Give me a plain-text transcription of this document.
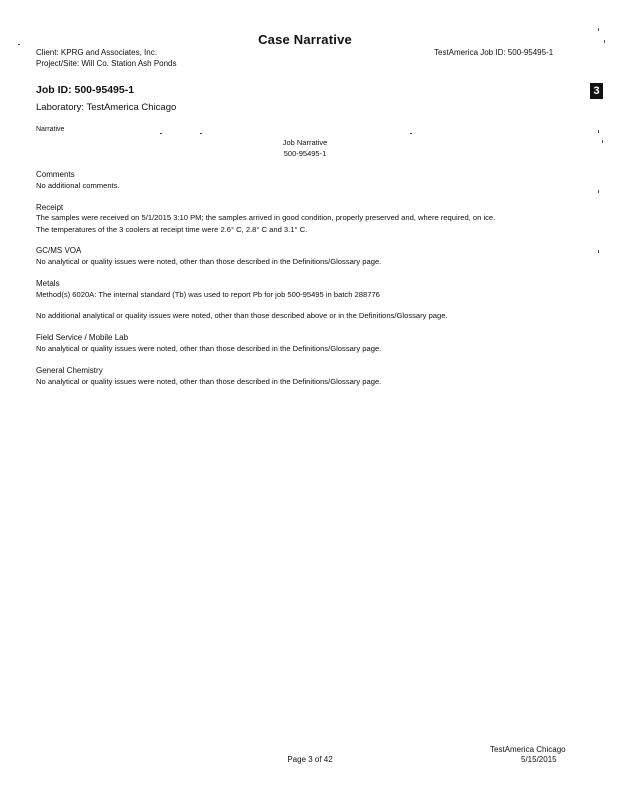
Case Narrative
Client: KPRG and Associates, Inc.
Project/Site: Will Co. Station Ash Ponds
TestAmerica Job ID: 500-95495-1
3
Job ID: 500-95495-1
Laboratory: TestAmerica Chicago
Narrative
Job Narrative
500-95495-1
Comments
No additional comments.
Receipt
The samples were received on 5/1/2015 3:10 PM; the samples arrived in good condition, properly preserved and, where required, on ice.
The temperatures of the 3 coolers at receipt time were 2.6° C, 2.8° C and 3.1° C.
GC/MS VOA
No analytical or quality issues were noted, other than those described in the Definitions/Glossary page.
Metals
Method(s) 6020A: The internal standard (Tb) was used to report Pb for job 500-95495 in batch 288776
No additional analytical or quality issues were noted, other than those described above or in the Definitions/Glossary page.
Field Service / Mobile Lab
No analytical or quality issues were noted, other than those described in the Definitions/Glossary page.
General Chemistry
No analytical or quality issues were noted, other than those described in the Definitions/Glossary page.
Page 3 of 42
TestAmerica Chicago
5/15/2015
